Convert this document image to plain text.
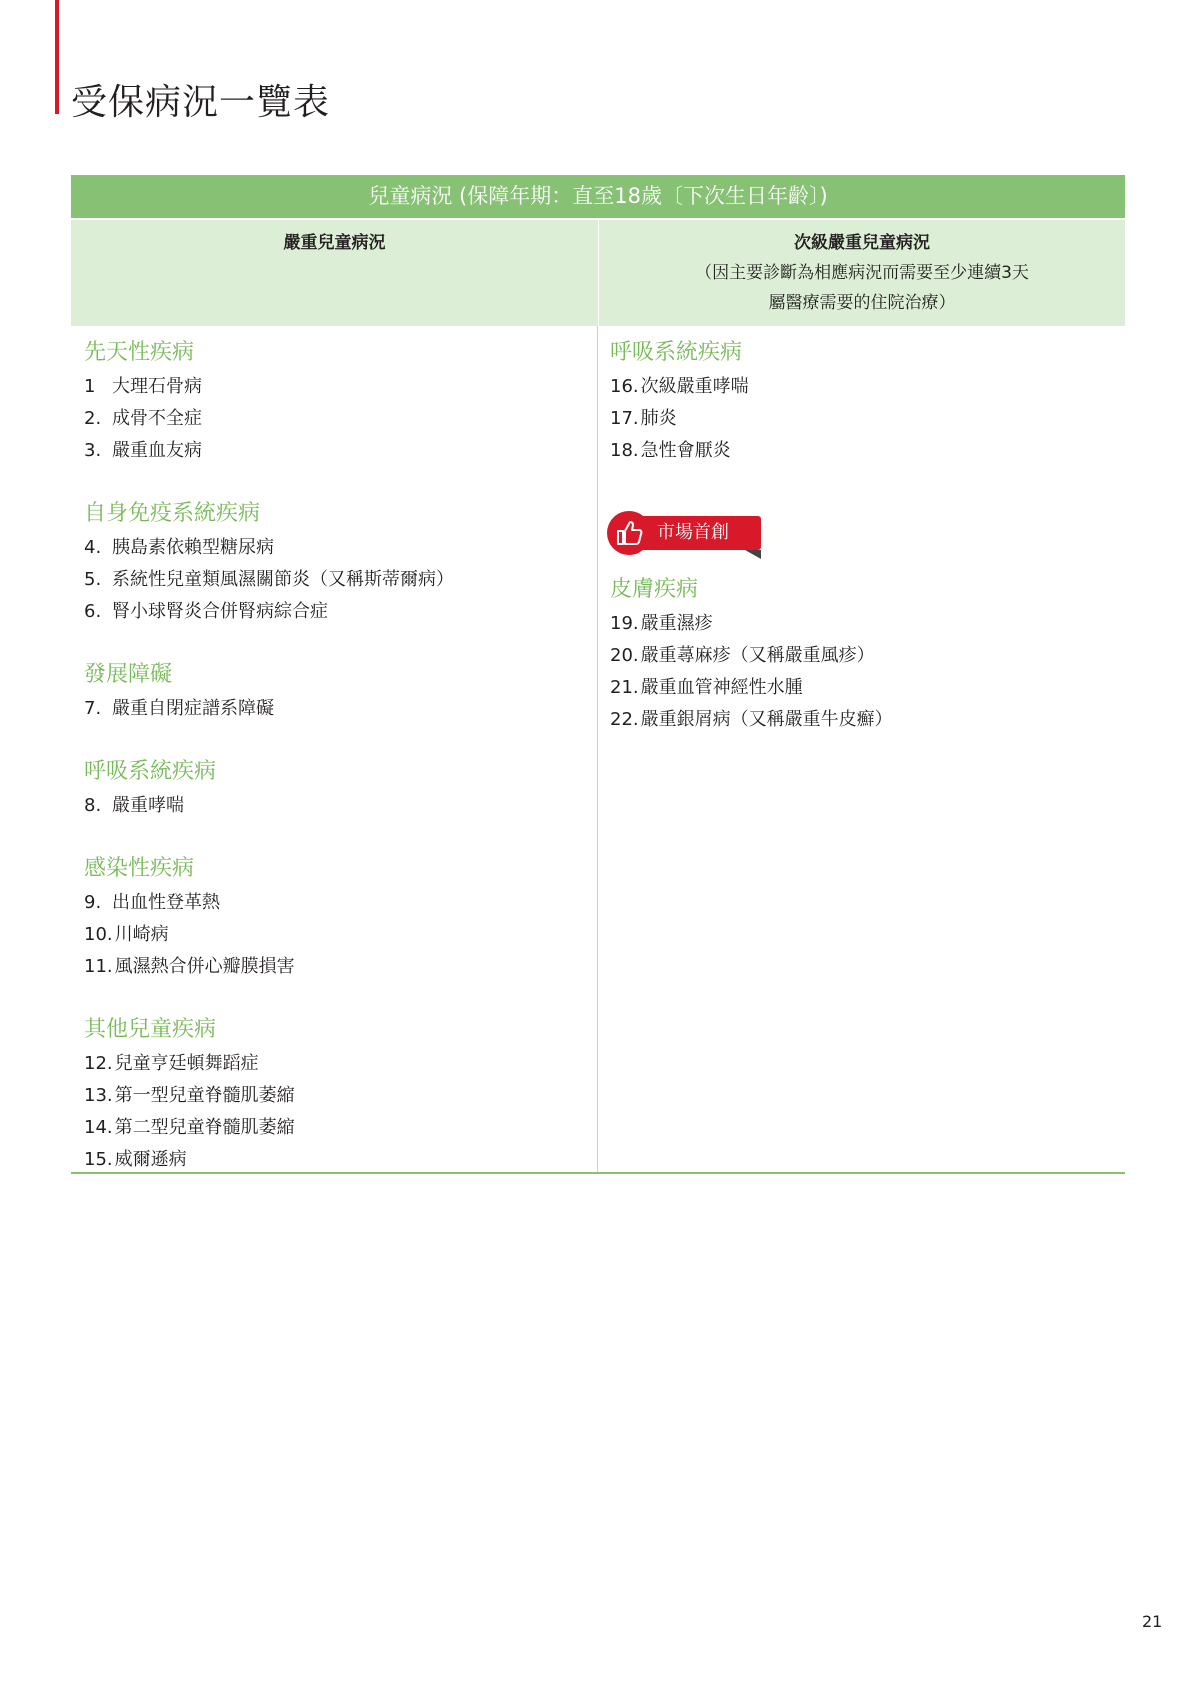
受保病況一覽表
兒童病況 (保障年期：直至18歲〔下次生日年齡〕)
嚴重兒童病況	次級嚴重兒童病況
（因主要診斷為相應病況而需要至少連續3天
屬醫療需要的住院治療）
先天性疾病
1 大理石骨病
2. 成骨不全症
3. 嚴重血友病
自身免疫系統疾病
4. 胰島素依賴型糖尿病
5. 系統性兒童類風濕關節炎（又稱斯蒂爾病）
6. 腎小球腎炎合併腎病綜合症
發展障礙
7. 嚴重自閉症譜系障礙
呼吸系統疾病
8. 嚴重哮喘
感染性疾病
9. 出血性登革熱
10. 川崎病
11. 風濕熱合併心瓣膜損害
其他兒童疾病
12. 兒童亨廷頓舞蹈症
13. 第一型兒童脊髓肌萎縮
14. 第二型兒童脊髓肌萎縮
15. 威爾遜病
呼吸系統疾病
16. 次級嚴重哮喘
17. 肺炎
18. 急性會厭炎
市場首創
皮膚疾病
19. 嚴重濕疹
20. 嚴重蕁麻疹（又稱嚴重風疹）
21. 嚴重血管神經性水腫
22. 嚴重銀屑病（又稱嚴重牛皮癬）
21
